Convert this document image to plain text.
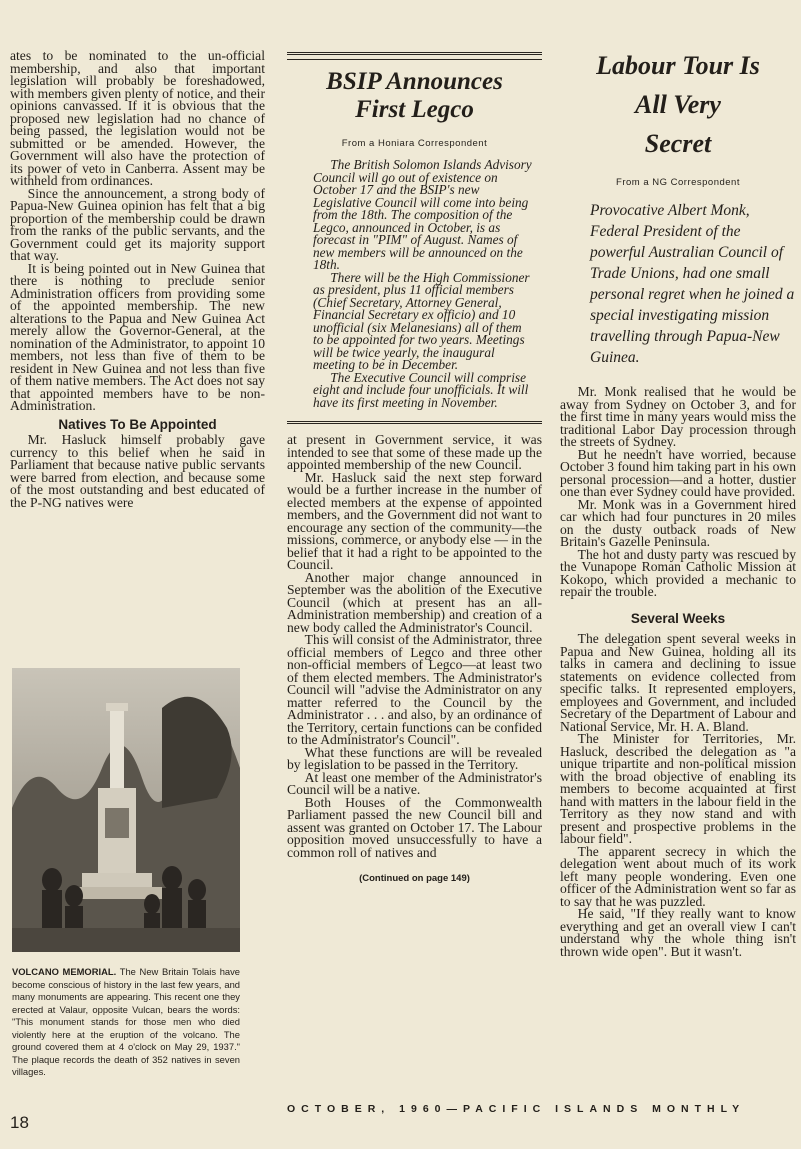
ates to be nominated to the un-official membership, and also that important legislation will probably be foreshadowed, with members given plenty of notice, and their opinions canvassed. If it is obvious that the proposed new legislation had no chance of being passed, the legislation would not be submitted or be amended. However, the Government will also have the protection of its power of veto in Canberra. Assent may be withheld from ordinances.

Since the announcement, a strong body of Papua-New Guinea opinion has felt that a big proportion of the membership could be drawn from the ranks of the public servants, and the Government could get its majority support that way.

It is being pointed out in New Guinea that there is nothing to preclude senior Administration officers from providing some of the appointed membership. The new alterations to the Papua and New Guinea Act merely allow the Governor-General, at the nomination of the Administrator, to appoint 10 members, not less than five of them to be resident in New Guinea and not less than five of them native members. The Act does not say that appointed members have to be non-Administration.

Natives To Be Appointed

Mr. Hasluck himself probably gave currency to this belief when he said in Parliament that because native public servants were barred from election, and because some of the most outstanding and best educated of the P-NG natives were

VOLCANO MEMORIAL. The New Britain Tolais have become conscious of history in the last few years, and many monuments are appearing. This recent one they erected at Valaur, opposite Vulcan, bears the words: "This monument stands for those men who died violently here at the eruption of the volcano. The ground covered them at 4 o'clock on May 29, 1937." The plaque records the death of 352 natives in seven villages.
18
BSIP Announces
First Legco
From a Honiara Correspondent

The British Solomon Islands Advisory Council will go out of existence on October 17 and the BSIP's new Legislative Council will come into being from the 18th. The composition of the Legco, announced in October, is as forecast in "PIM" of August. Names of new members will be announced on the 18th.

There will be the High Commissioner as president, plus 11 official members (Chief Secretary, Attorney General, Financial Secretary ex officio) and 10 unofficial (six Melanesians) all of them to be appointed for two years. Meetings will be twice yearly, the inaugural meeting to be in December.

The Executive Council will comprise eight and include four unofficials. It will have its first meeting in November.

at present in Government service, it was intended to see that some of these made up the appointed membership of the new Council.

Mr. Hasluck said the next step forward would be a further increase in the number of elected members at the expense of appointed members, and the Government did not want to encourage any section of the community—the missions, commerce, or anybody else — in the belief that it had a right to be appointed to the Council.

Another major change announced in September was the abolition of the Executive Council (which at present has an all-Administration membership) and creation of a new body called the Administrator's Council.

This will consist of the Administrator, three official members of Legco and three other non-official members of Legco—at least two of them elected members. The Administrator's Council will "advise the Administrator on any matter referred to the Council by the Administrator . . . and also, by an ordinance of the Territory, certain functions can be confided to the Administrator's Council".

What these functions are will be revealed by legislation to be passed in the Territory.

At least one member of the Administrator's Council will be a native.

Both Houses of the Commonwealth Parliament passed the new Council bill and assent was granted on October 17. The Labour opposition moved unsuccessfully to have a common roll of natives and

(Continued on page 149)
Labour Tour Is
All Very
Secret
From a NG Correspondent
Provocative Albert Monk, Federal President of the powerful Australian Council of Trade Unions, had one small personal regret when he joined a special investigating mission travelling through Papua-New Guinea.

Mr. Monk realised that he would be away from Sydney on October 3, and for the first time in many years would miss the traditional Labor Day procession through the streets of Sydney.

But he needn't have worried, because October 3 found him taking part in his own personal procession—and a hotter, dustier one than ever Sydney could have provided.

Mr. Monk was in a Government hired car which had four punctures in 20 miles on the dusty outback roads of New Britain's Gazelle Peninsula.

The hot and dusty party was rescued by the Vunapope Roman Catholic Mission at Kokopo, which provided a mechanic to repair the trouble.

Several Weeks

The delegation spent several weeks in Papua and New Guinea, holding all its talks in camera and declining to issue statements on evidence collected from specific talks. It represented employers, employees and Government, and included Secretary of the Department of Labour and National Service, Mr. H. A. Bland.

The Minister for Territories, Mr. Hasluck, described the delegation as "a unique tripartite and non-political mission with the broad objective of enabling its members to become acquainted at first hand with matters in the labour field in the Territory as they now stand and with present and prospective problems in the labour field".

The apparent secrecy in which the delegation went about much of its work left many people wondering. Even one officer of the Administration went so far as to say that he was puzzled.

He said, "If they really want to know everything and get an overall view I can't understand why the whole thing isn't thrown wide open". But it wasn't.

OCTOBER, 1960—PACIFIC ISLANDS MONTHLY
